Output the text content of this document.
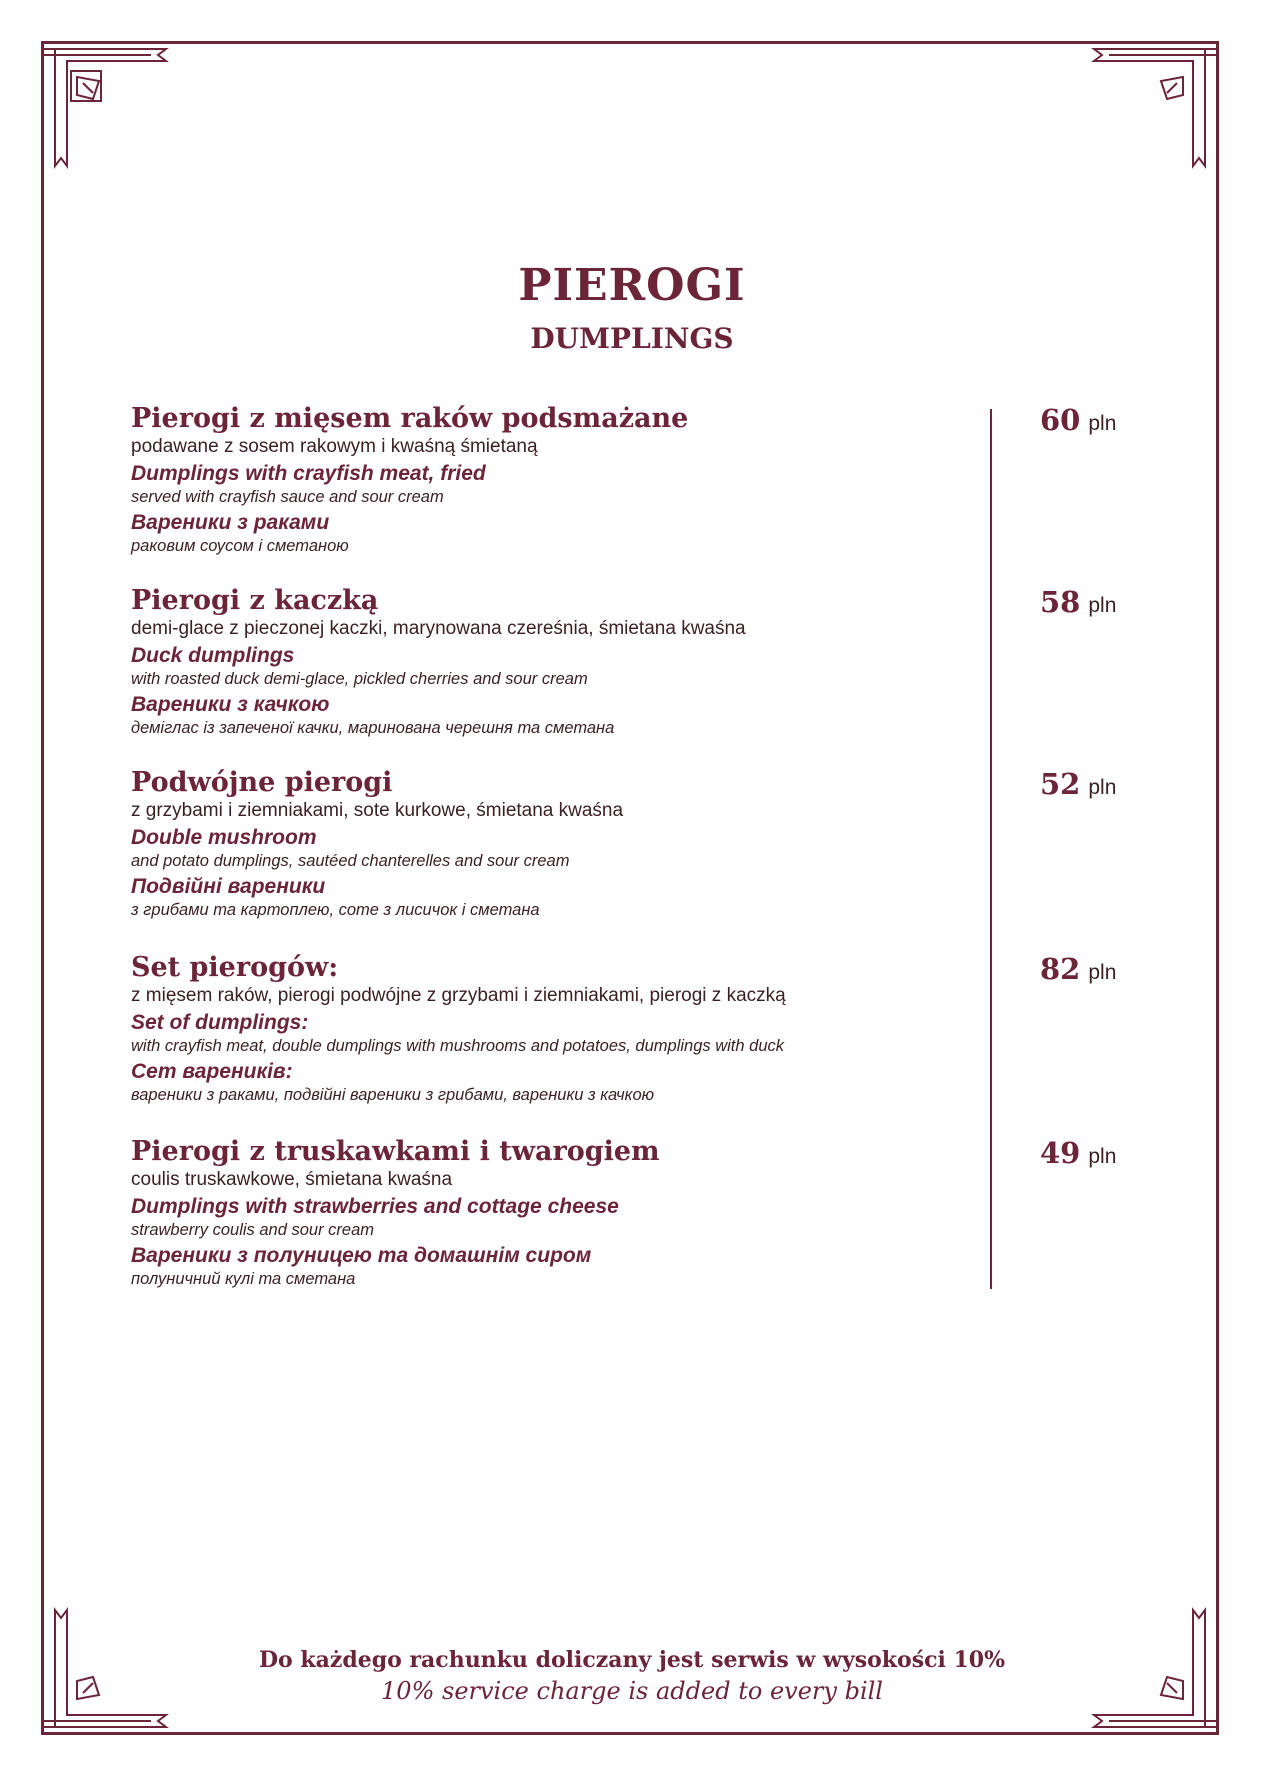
PIEROGI
DUMPLINGS
Pierogi z mięsem raków podsmażane
podawane z sosem rakowym i kwaśną śmietaną
Dumplings with crayfish meat, fried
served with crayfish sauce and sour cream
Вареники з раками
раковим соусом і сметаною
60 pln
Pierogi z kaczką
demi-glace z pieczonej kaczki, marynowana czereśnia, śmietana kwaśna
Duck dumplings
with roasted duck demi-glace, pickled cherries and sour cream
Вареники з качкою
деміглас із запеченої качки, маринована черешня та сметана
58 pln
Podwójne pierogi
z grzybami i ziemniakami, sote kurkowe, śmietana kwaśna
Double mushroom
and potato dumplings, sautéed chanterelles and sour cream
Подвійні вареники
з грибами та картоплею, соте з лисичок і сметана
52 pln
Set pierogów:
z mięsem raków, pierogi podwójne z grzybami i ziemniakami, pierogi z kaczką
Set of dumplings:
with crayfish meat, double dumplings with mushrooms and potatoes, dumplings with duck
Сет вареників:
вареники з раками, подвійні вареники з грибами, вареники з качкою
82 pln
Pierogi z truskawkami i twarogiem
coulis truskawkowe, śmietana kwaśna
Dumplings with strawberries and cottage cheese
strawberry coulis and sour cream
Вареники з полуницею та домашнім сиром
полуничний кулі та сметана
49 pln
Do każdego rachunku doliczany jest serwis w wysokości 10%
10% service charge is added to every bill
